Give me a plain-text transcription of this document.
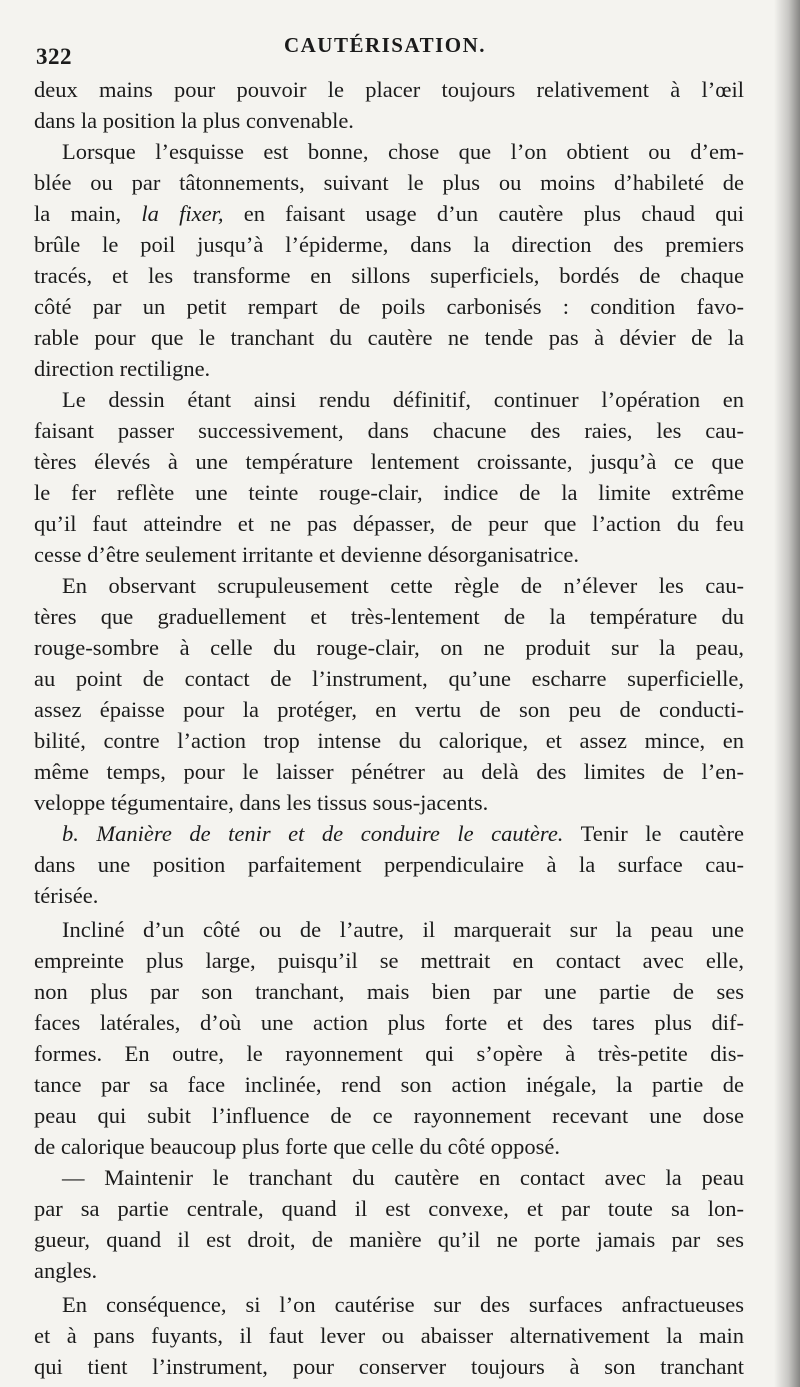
322	CAUTÉRISATION.
deux mains pour pouvoir le placer toujours relativement à l’œil
dans la position la plus convenable.
Lorsque l’esquisse est bonne, chose que l’on obtient ou d’em-
blée ou par tâtonnements, suivant le plus ou moins d’habileté de
la main, la fixer, en faisant usage d’un cautère plus chaud qui
brûle le poil jusqu’à l’épiderme, dans la direction des premiers
tracés, et les transforme en sillons superficiels, bordés de chaque
côté par un petit rempart de poils carbonisés : condition favo-
rable pour que le tranchant du cautère ne tende pas à dévier de la
direction rectiligne.
Le dessin étant ainsi rendu définitif, continuer l’opération en
faisant passer successivement, dans chacune des raies, les cau-
tères élevés à une température lentement croissante, jusqu’à ce que
le fer reflète une teinte rouge-clair, indice de la limite extrême
qu’il faut atteindre et ne pas dépasser, de peur que l’action du feu
cesse d’être seulement irritante et devienne désorganisatrice.
En observant scrupuleusement cette règle de n’élever les cau-
tères que graduellement et très-lentement de la température du
rouge-sombre à celle du rouge-clair, on ne produit sur la peau,
au point de contact de l’instrument, qu’une escharre superficielle,
assez épaisse pour la protéger, en vertu de son peu de conducti-
bilité, contre l’action trop intense du calorique, et assez mince, en
même temps, pour le laisser pénétrer au delà des limites de l’en-
veloppe tégumentaire, dans les tissus sous-jacents.
b. Manière de tenir et de conduire le cautère. Tenir le cautère
dans une position parfaitement perpendiculaire à la surface cau-
térisée.
Incliné d’un côté ou de l’autre, il marquerait sur la peau une
empreinte plus large, puisqu’il se mettrait en contact avec elle,
non plus par son tranchant, mais bien par une partie de ses
faces latérales, d’où une action plus forte et des tares plus dif-
formes. En outre, le rayonnement qui s’opère à très-petite dis-
tance par sa face inclinée, rend son action inégale, la partie de
peau qui subit l’influence de ce rayonnement recevant une dose
de calorique beaucoup plus forte que celle du côté opposé.
— Maintenir le tranchant du cautère en contact avec la peau
par sa partie centrale, quand il est convexe, et par toute sa lon-
gueur, quand il est droit, de manière qu’il ne porte jamais par ses
angles.
En conséquence, si l’on cautérise sur des surfaces anfractueuses
et à pans fuyants, il faut lever ou abaisser alternativement la main
qui tient l’instrument, pour conserver toujours à son tranchant
